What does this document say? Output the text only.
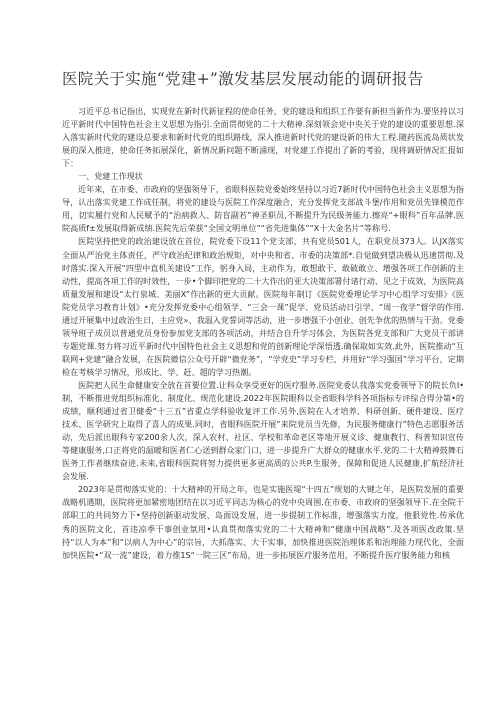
医院关于实施“党建+”激发基层发展动能的调研报告

习近平总书记指出，实现党在新时代新征程的使命任务，党的建设和组织工作要有新担当新作为.要坚持以习近平新时代中国特色社会主义思想为指引.全面贯彻党的二十大精神.深刻领会党中央关于党的建设的重要思想.深入落实新时代党的建设总要求和新时代党的组织路线，深入推进新时代党的建设新的伟大工程.随药医流岛质状发展的深入推进，使命任务拓展深化，新情况新问题不断涌现，对党建工作提出了新的考验，现将调研情况汇报如下：

一、党建工作现状

近年来，在市委、市政府的坚强领导下，省眼科医院党委始终坚持以习近7新时代中国特色社会主义思想为指导，认出落实党建工作成任制，将党的建设与医院工作深度融合，充分发挥党支部战斗堡/作用和党员先锋模范作用，切实履行党和人民赋予的“治病救人、防盲副若”神圣职员,不断提升为民级务能力.擦亮“+眼科”百年品牌.医院高质f±发展取得新成绩.医院先后荣获“全国文明单位”“省先进集体”“X十大金名片”等称号.

医院坚持把党的政治建设放在首位，院党委下设11个党支部，共有党员501人，在职党员373人。认JX落实全面从严治党主体责任，严守政治纪律和政治规矩，对中央和省、市委的决策部*.自觉做到望决极从迅速贯彻.及时落实.深入开展“四型中直机关建设”工作，躬身入局，主动作为，敢想敢干、敢破敢立、增强各项工作创新的主动性，提高各项工作的时效性，一步•个脚印把党的二十大作出的亚大决策部署付诸行动、见之于成效，为医院高质量发展和建设“太行泉城、美丽X”作出新的更大贡献。医院每年制订《医院党委理论学习中心组学习安排》《医院党员学习教育计划》•充分发挥党委中心组领学、“三会一课”促学、党员活动日引学、“周一夜学”督学的作用.通过开展集中过政治生日，主应党»、我温入党誓词等活动，进一步增强干小创业、创先争优的热情与干劲。党委领导班子成员以普通党员身份参加党支部的各项活动，并结合自升学习体会，为医院各党支部和广大党员干部讲专题党课.努力将习近平新时代中国特色社会主义思想和党的创新理论学深悟透.确保取如实效.此外，医院推动“互联网+党建”融合发展，在医院微信公众号开辟“微党务”，“学党史”学习专栏，并用好“学习强国”学习平台，定期检在考核学习情况，形成比、学、赶、超的学习热潮。

医院把人民生命健康安全放在首要位置.让科众享受更好的医疗服务.医院党委认我落实党委领导下的院长负I•制，不断推进党组织标准化、制度化、规范化建设.2022年医院眼科以全省眼科学科各项指标专评综合得分第•的成绩，顺利通过省卫健委“十三五”省重点学科验收复评工作.另外,医院在人才培养、科研创新、硬件建设、医疗技术、医学研究上取得了喜人的成果.同时，省眼科医院开展“来院党员当先修，为民服务健康行”特色志愿服务活动，先后派出眼科专家200余人次，深入农村、社区、学校和革命老区等地开展义诊、健康教行、科普知识宣传等健康服务,口正将党的温暖和医者仁心送到群众家门口，进一步提升广大群众的健康水平.党的二十大精神鼓舞石医务工作者继续奋进.未来,省眼科医院将努力提供更多更高质的公共P.生服务，保障和促进人民健康,扩航经济社会发展.

2023年是贯彻落实党的：十大精神的开局之年，也是实施医堤“十四五”规划的大键之年，是医院发展的重要战略机遇期，医院将更加紧密地团结在以习近平同志为核心的党中央周围.在市委、市政府的坚强领导下.在全院干部职工的共同努力下•坚持创新驱动发展、岛面设发展，进一步提制工作标准，增强落实力度，他狠党性.传承优秀的医院文化，首违凉季干事创业氛用•认真贯彻落实党的二十大精神和“健康中国战略”.及各项医改政策.坚持“以人为本”和“以病人为中心”的宗旨，大抓落实、大干实事，加快推进医院治理体系和治理能力现代化，全面加快医院•“双一流”建设，着力推1S“一院三区”布局，进一步拓展医疗服务范用，不断提升医疗服务能力和核
